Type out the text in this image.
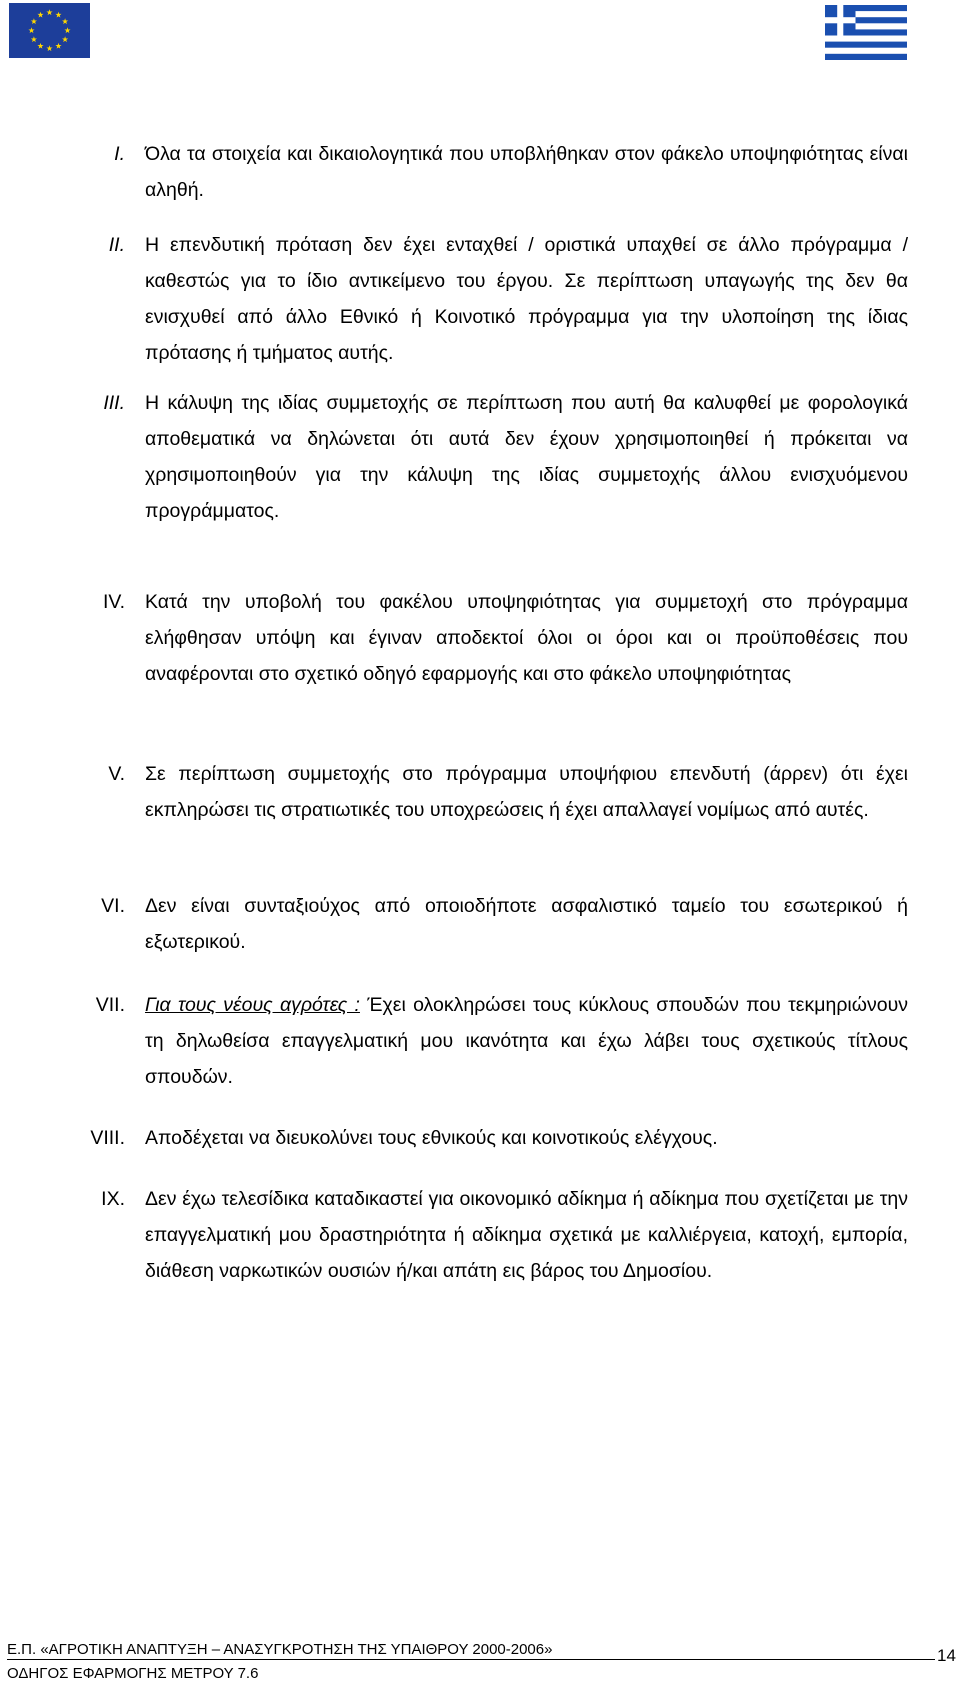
I. Όλα τα στοιχεία και δικαιολογητικά που υποβλήθηκαν στον φάκελο υποψηφιότητας είναι αληθή.
II. Η επενδυτική πρόταση δεν έχει ενταχθεί / οριστικά υπαχθεί σε άλλο πρόγραμμα / καθεστώς για το ίδιο αντικείμενο του έργου. Σε περίπτωση υπαγωγής της δεν θα ενισχυθεί από άλλο Εθνικό ή Κοινοτικό πρόγραμμα για την υλοποίηση της ίδιας πρότασης ή τμήματος αυτής.
III. Η κάλυψη της ιδίας συμμετοχής σε περίπτωση που αυτή θα καλυφθεί με φορολογικά αποθεματικά να δηλώνεται ότι αυτά δεν έχουν χρησιμοποιηθεί ή πρόκειται να χρησιμοποιηθούν για την κάλυψη της ιδίας συμμετοχής άλλου ενισχυόμενου προγράμματος.
IV. Κατά την υποβολή του φακέλου υποψηφιότητας για συμμετοχή στο πρόγραμμα ελήφθησαν υπόψη και έγιναν αποδεκτοί όλοι οι όροι και οι προϋποθέσεις που αναφέρονται στο σχετικό οδηγό εφαρμογής και στο φάκελο υποψηφιότητας
V. Σε περίπτωση συμμετοχής στο πρόγραμμα υποψήφιου επενδυτή (άρρεν) ότι έχει εκπληρώσει τις στρατιωτικές του υποχρεώσεις ή έχει απαλλαγεί νομίμως από αυτές.
VI. Δεν είναι συνταξιούχος από οποιοδήποτε ασφαλιστικό ταμείο του εσωτερικού ή εξωτερικού.
VII. Για τους νέους αγρότες : Έχει ολοκληρώσει τους κύκλους σπουδών που τεκμηριώνουν τη δηλωθείσα επαγγελματική μου ικανότητα και έχω λάβει τους σχετικούς τίτλους σπουδών.
VIII. Αποδέχεται να διευκολύνει τους εθνικούς και κοινοτικούς ελέγχους.
IX. Δεν έχω τελεσίδικα καταδικαστεί για οικονομικό αδίκημα ή αδίκημα που σχετίζεται με την επαγγελματική μου δραστηριότητα ή αδίκημα σχετικά με καλλιέργεια, κατοχή, εμπορία, διάθεση ναρκωτικών ουσιών ή/και απάτη εις βάρος του Δημοσίου.
Ε.Π. «ΑΓΡΟΤΙΚΗ ΑΝΑΠΤΥΞΗ – ΑΝΑΣΥΓΚΡΟΤΗΣΗ ΤΗΣ ΥΠΑΙΘΡΟΥ 2000-2006»
ΟΔΗΓΟΣ ΕΦΑΡΜΟΓΗΣ ΜΕΤΡΟΥ 7.6
14
